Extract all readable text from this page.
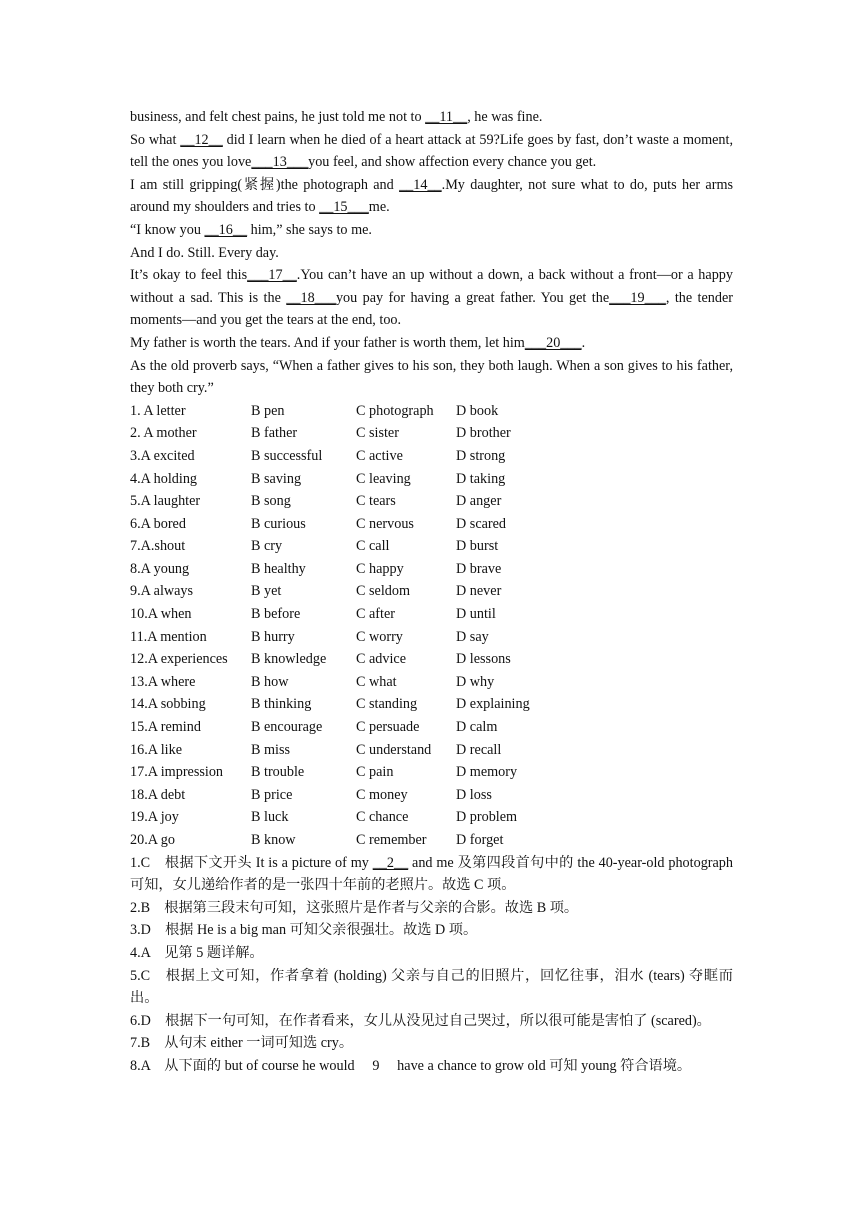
business, and felt chest pains, he just told me not to __11__, he was fine.

So what __12__ did I learn when he died of a heart attack at 59?Life goes by fast, don’t waste a moment, tell the ones you love___13___you feel, and show affection every chance you get.

I am still gripping(紧握)the photograph and __14__.My daughter, not sure what to do, puts her arms around my shoulders and tries to __15___me.

“I know you __16__ him,” she says to me.

And I do. Still. Every day.

It’s okay to feel this___17__.You can’t have an up without a down, a back without a front—or a happy without a sad. This is the __18___you pay for having a great father. You get the___19___, the tender moments—and you get the tears at the end, too.

My father is worth the tears. And if your father is worth them, let him___20___.

As the old proverb says, “When a father gives to his son, they both laugh. When a son gives to his father, they both cry.”

1. A letter	B pen	C photograph	D book
2. A mother	B father	C sister	D brother
3.A excited	B successful	C active	D strong
4.A holding	B saving	C leaving	D taking
5.A laughter	B song	C tears	D anger
6.A bored	B curious	C nervous	D scared
7.A.shout	B cry	C call	D burst
8.A young	B healthy	C happy	D brave
9.A always	B yet	C seldom	D never
10.A when	B before	C after	D until
11.A mention	B hurry	C worry	D say
12.A experiences	B knowledge	C advice	D lessons
13.A where	B how	C what	D why
14.A sobbing	B thinking	C standing	D explaining
15.A remind	B encourage	C persuade	D calm
16.A like	B miss	C understand	D recall
17.A impression	B trouble	C pain	D memory
18.A debt	B price	C money	D loss
19.A joy	B luck	C chance	D problem
20.A go	B know	C remember	D forget

1.C　根据下文开头 It is a picture of my __2__ and me 及第四段首句中的 the 40-year-old photograph 可知，女儿递给作者的是一张四十年前的老照片。故选 C 项。

2.B　根据第三段末句可知，这张照片是作者与父亲的合影。故选 B 项。

3.D　根据 He is a big man 可知父亲很强壮。故选 D 项。

4.A　见第 5 题详解。

5.C　根据上文可知，作者拿着 (holding) 父亲与自己的旧照片，回忆往事，泪水 (tears) 夺眶而出。

6.D　根据下一句可知，在作者看来，女儿从没见过自己哭过，所以很可能是害怕了 (scared)。

7.B　从句末 either 一词可知选 cry。

8.A　从下面的 but of course he would　 9　 have a chance to grow old 可知 young 符合语境。
